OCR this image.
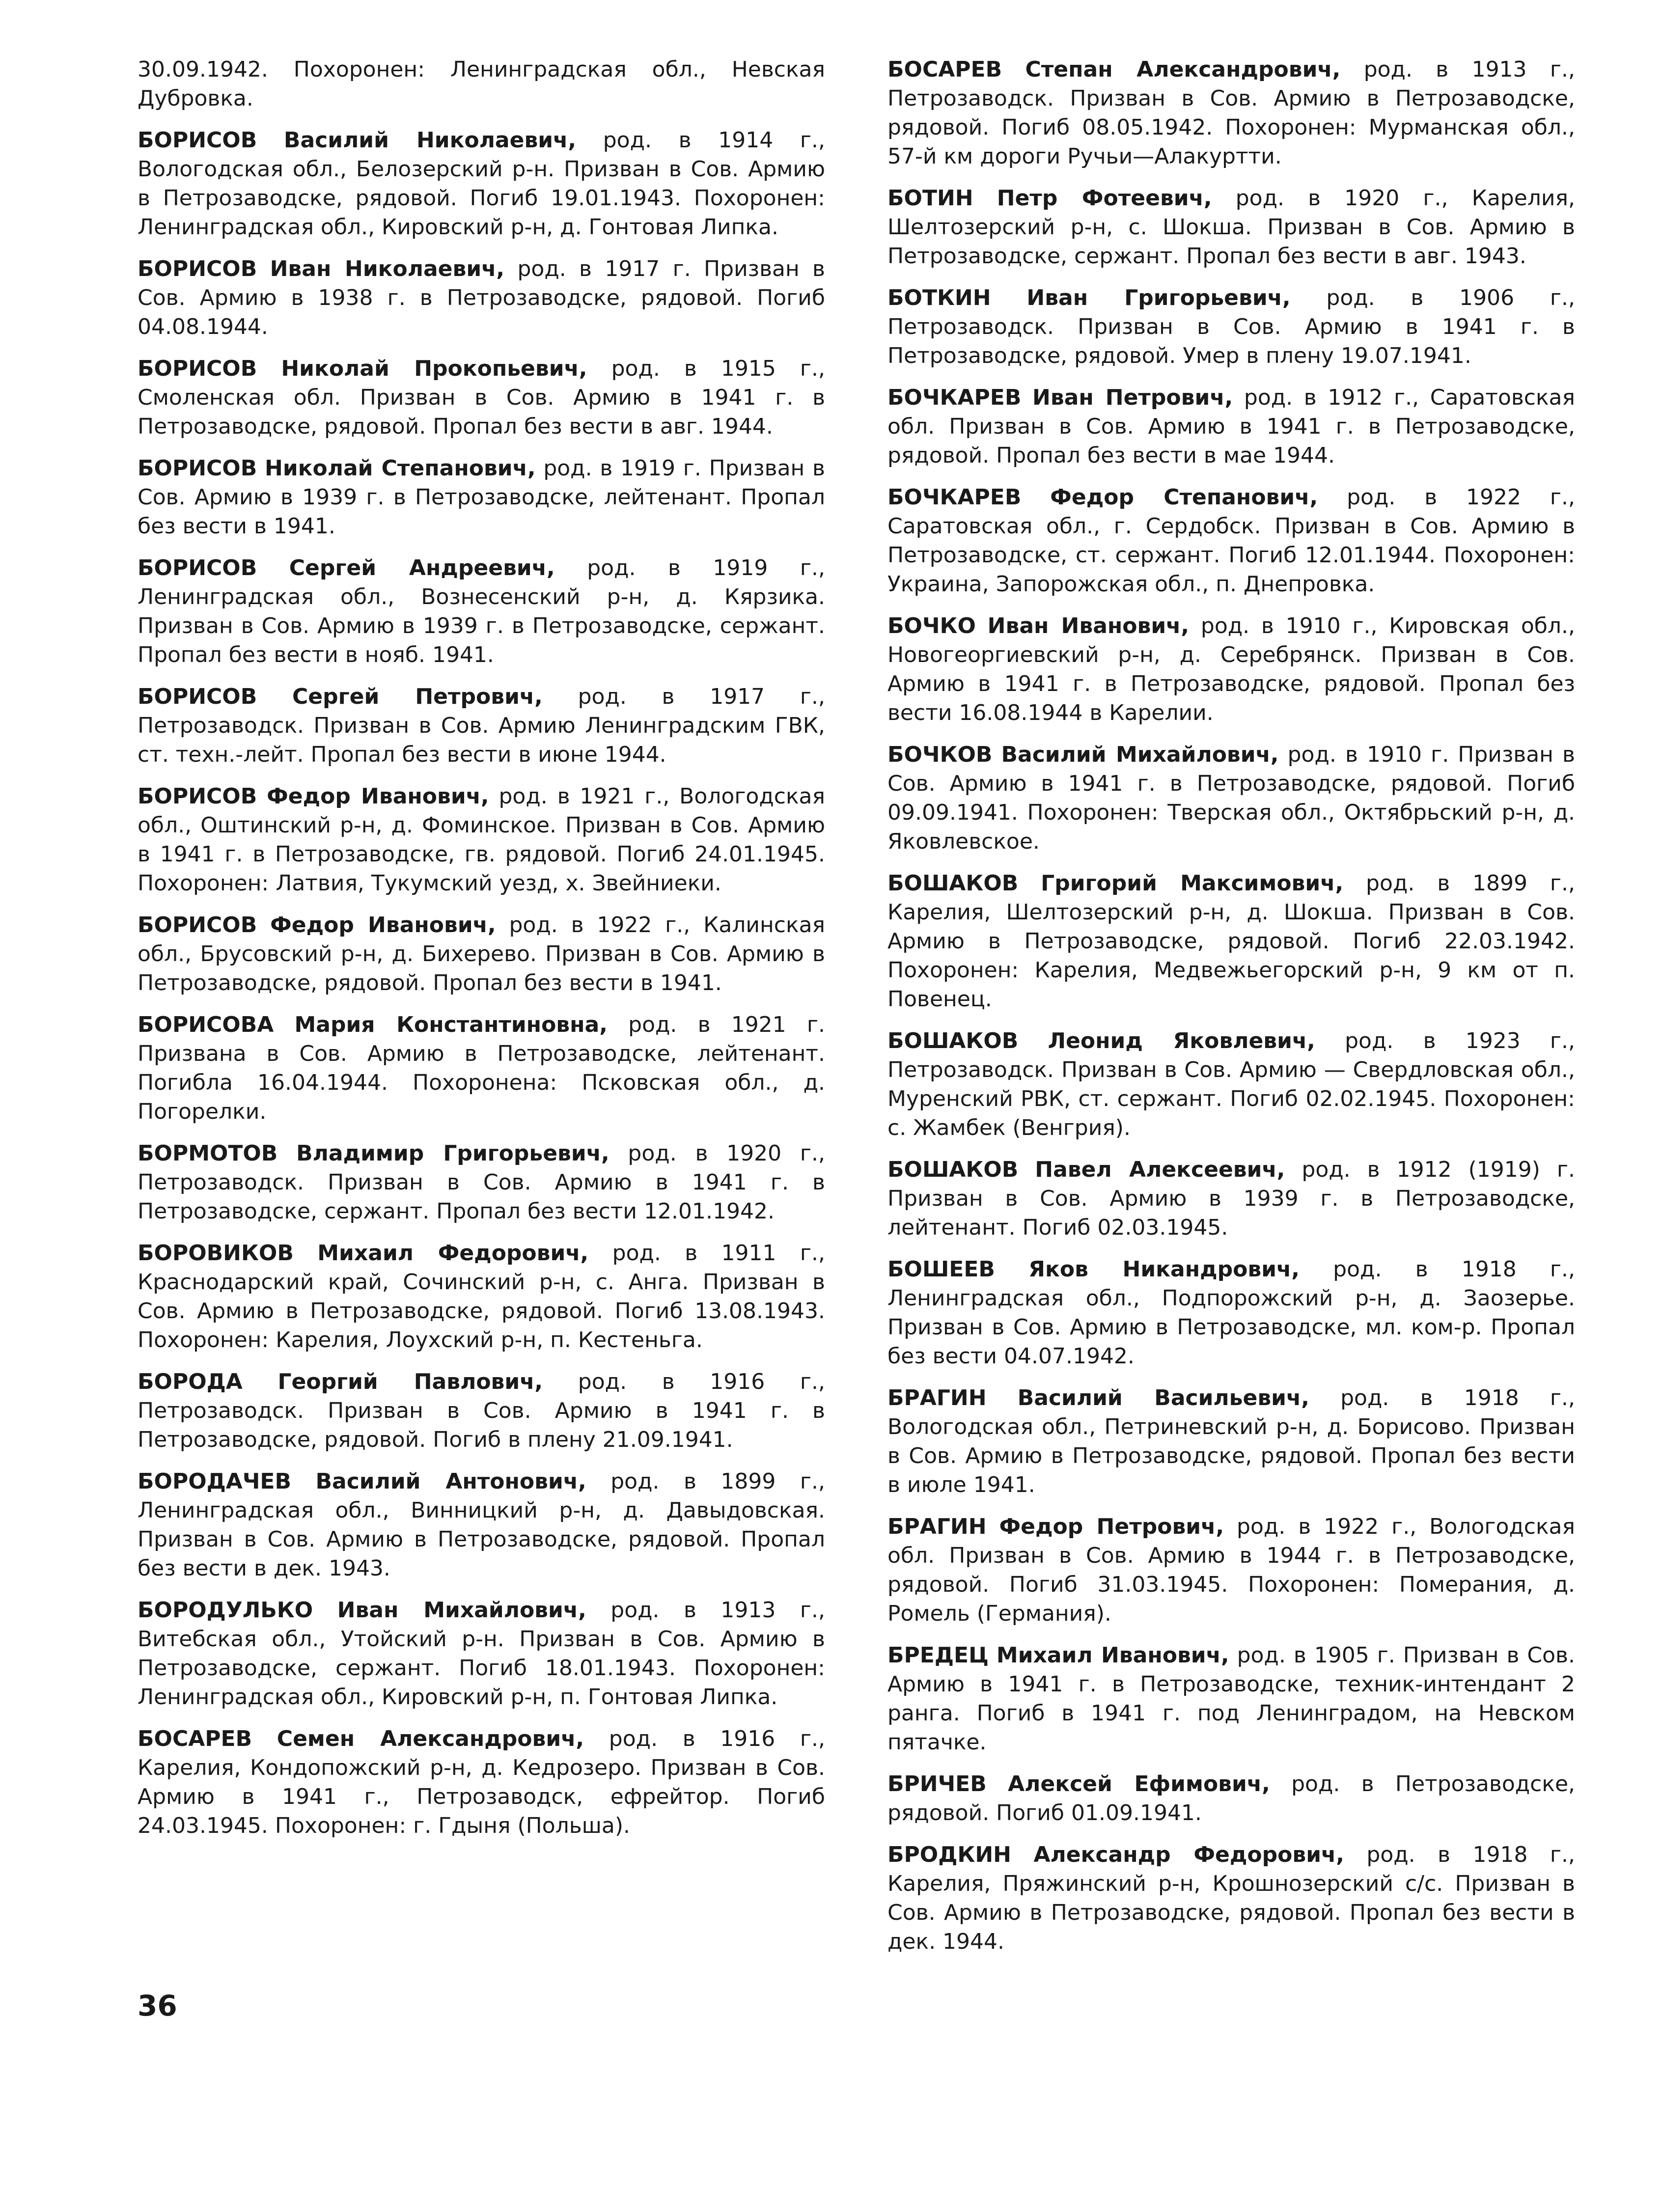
30.09.1942. Похоронен: Ленинградская обл., Невская Дубровка.

БОРИСОВ Василий Николаевич, род. в 1914 г., Вологодская обл., Белозерский р-н. Призван в Сов. Армию в Петрозаводске, рядовой. Погиб 19.01.1943. Похоронен: Ленинградская обл., Кировский р-н, д. Гонтовая Липка.

БОРИСОВ Иван Николаевич, род. в 1917 г. Призван в Сов. Армию в 1938 г. в Петрозаводске, рядовой. Погиб 04.08.1944.

БОРИСОВ Николай Прокопьевич, род. в 1915 г., Смоленская обл. Призван в Сов. Армию в 1941 г. в Петрозаводске, рядовой. Пропал без вести в авг. 1944.

БОРИСОВ Николай Степанович, род. в 1919 г. Призван в Сов. Армию в 1939 г. в Петрозаводске, лейтенант. Пропал без вести в 1941.

БОРИСОВ Сергей Андреевич, род. в 1919 г., Ленинградская обл., Вознесенский р-н, д. Кярзика. Призван в Сов. Армию в 1939 г. в Петрозаводске, сержант. Пропал без вести в нояб. 1941.

БОРИСОВ Сергей Петрович, род. в 1917 г., Петрозаводск. Призван в Сов. Армию Ленинградским ГВК, ст. техн.-лейт. Пропал без вести в июне 1944.

БОРИСОВ Федор Иванович, род. в 1921 г., Вологодская обл., Оштинский р-н, д. Фоминское. Призван в Сов. Армию в 1941 г. в Петрозаводске, гв. рядовой. Погиб 24.01.1945. Похоронен: Латвия, Тукумский уезд, х. Звейниеки.

БОРИСОВ Федор Иванович, род. в 1922 г., Калинская обл., Брусовский р-н, д. Бихерево. Призван в Сов. Армию в Петрозаводске, рядовой. Пропал без вести в 1941.

БОРИСОВА Мария Константиновна, род. в 1921 г. Призвана в Сов. Армию в Петрозаводске, лейтенант. Погибла 16.04.1944. Похоронена: Псковская обл., д. Погорелки.

БОРМОТОВ Владимир Григорьевич, род. в 1920 г., Петрозаводск. Призван в Сов. Армию в 1941 г. в Петрозаводске, сержант. Пропал без вести 12.01.1942.

БОРОВИКОВ Михаил Федорович, род. в 1911 г., Краснодарский край, Сочинский р-н, с. Анга. Призван в Сов. Армию в Петрозаводске, рядовой. Погиб 13.08.1943. Похоронен: Карелия, Лоухский р-н, п. Кестеньга.

БОРОДА Георгий Павлович, род. в 1916 г., Петрозаводск. Призван в Сов. Армию в 1941 г. в Петрозаводске, рядовой. Погиб в плену 21.09.1941.

БОРОДАЧЕВ Василий Антонович, род. в 1899 г., Ленинградская обл., Винницкий р-н, д. Давыдовская. Призван в Сов. Армию в Петрозаводске, рядовой. Пропал без вести в дек. 1943.

БОРОДУЛЬКО Иван Михайлович, род. в 1913 г., Витебская обл., Утойский р-н. Призван в Сов. Армию в Петрозаводске, сержант. Погиб 18.01.1943. Похоронен: Ленинградская обл., Кировский р-н, п. Гонтовая Липка.

БОСАРЕВ Семен Александрович, род. в 1916 г., Карелия, Кондопожский р-н, д. Кедрозеро. Призван в Сов. Армию в 1941 г., Петрозаводск, ефрейтор. Погиб 24.03.1945. Похоронен: г. Гдыня (Польша).

БОСАРЕВ Степан Александрович, род. в 1913 г., Петрозаводск. Призван в Сов. Армию в Петрозаводске, рядовой. Погиб 08.05.1942. Похоронен: Мурманская обл., 57-й км дороги Ручьи—Алакуртти.

БОТИН Петр Фотеевич, род. в 1920 г., Карелия, Шелтозерский р-н, с. Шокша. Призван в Сов. Армию в Петрозаводске, сержант. Пропал без вести в авг. 1943.

БОТКИН Иван Григорьевич, род. в 1906 г., Петрозаводск. Призван в Сов. Армию в 1941 г. в Петрозаводске, рядовой. Умер в плену 19.07.1941.

БОЧКАРЕВ Иван Петрович, род. в 1912 г., Саратовская обл. Призван в Сов. Армию в 1941 г. в Петрозаводске, рядовой. Пропал без вести в мае 1944.

БОЧКАРЕВ Федор Степанович, род. в 1922 г., Саратовская обл., г. Сердобск. Призван в Сов. Армию в Петрозаводске, ст. сержант. Погиб 12.01.1944. Похоронен: Украина, Запорожская обл., п. Днепровка.

БОЧКО Иван Иванович, род. в 1910 г., Кировская обл., Новогеоргиевский р-н, д. Серебрянск. Призван в Сов. Армию в 1941 г. в Петрозаводске, рядовой. Пропал без вести 16.08.1944 в Карелии.

БОЧКОВ Василий Михайлович, род. в 1910 г. Призван в Сов. Армию в 1941 г. в Петрозаводске, рядовой. Погиб 09.09.1941. Похоронен: Тверская обл., Октябрьский р-н, д. Яковлевское.

БОШАКОВ Григорий Максимович, род. в 1899 г., Карелия, Шелтозерский р-н, д. Шокша. Призван в Сов. Армию в Петрозаводске, рядовой. Погиб 22.03.1942. Похоронен: Карелия, Медвежьегорский р-н, 9 км от п. Повенец.

БОШАКОВ Леонид Яковлевич, род. в 1923 г., Петрозаводск. Призван в Сов. Армию — Свердловская обл., Муренский РВК, ст. сержант. Погиб 02.02.1945. Похоронен: с. Жамбек (Венгрия).

БОШАКОВ Павел Алексеевич, род. в 1912 (1919) г. Призван в Сов. Армию в 1939 г. в Петрозаводске, лейтенант. Погиб 02.03.1945.

БОШЕЕВ Яков Никандрович, род. в 1918 г., Ленинградская обл., Подпорожский р-н, д. Заозерье. Призван в Сов. Армию в Петрозаводске, мл. ком-р. Пропал без вести 04.07.1942.

БРАГИН Василий Васильевич, род. в 1918 г., Вологодская обл., Петриневский р-н, д. Борисово. Призван в Сов. Армию в Петрозаводске, рядовой. Пропал без вести в июле 1941.

БРАГИН Федор Петрович, род. в 1922 г., Вологодская обл. Призван в Сов. Армию в 1944 г. в Петрозаводске, рядовой. Погиб 31.03.1945. Похоронен: Померания, д. Ромель (Германия).

БРЕДЕЦ Михаил Иванович, род. в 1905 г. Призван в Сов. Армию в 1941 г. в Петрозаводске, техник-интендант 2 ранга. Погиб в 1941 г. под Ленинградом, на Невском пятачке.

БРИЧЕВ Алексей Ефимович, род. в Петрозаводске, рядовой. Погиб 01.09.1941.

БРОДКИН Александр Федорович, род. в 1918 г., Карелия, Пряжинский р-н, Крошнозерский с/с. Призван в Сов. Армию в Петрозаводске, рядовой. Пропал без вести в дек. 1944.

36
